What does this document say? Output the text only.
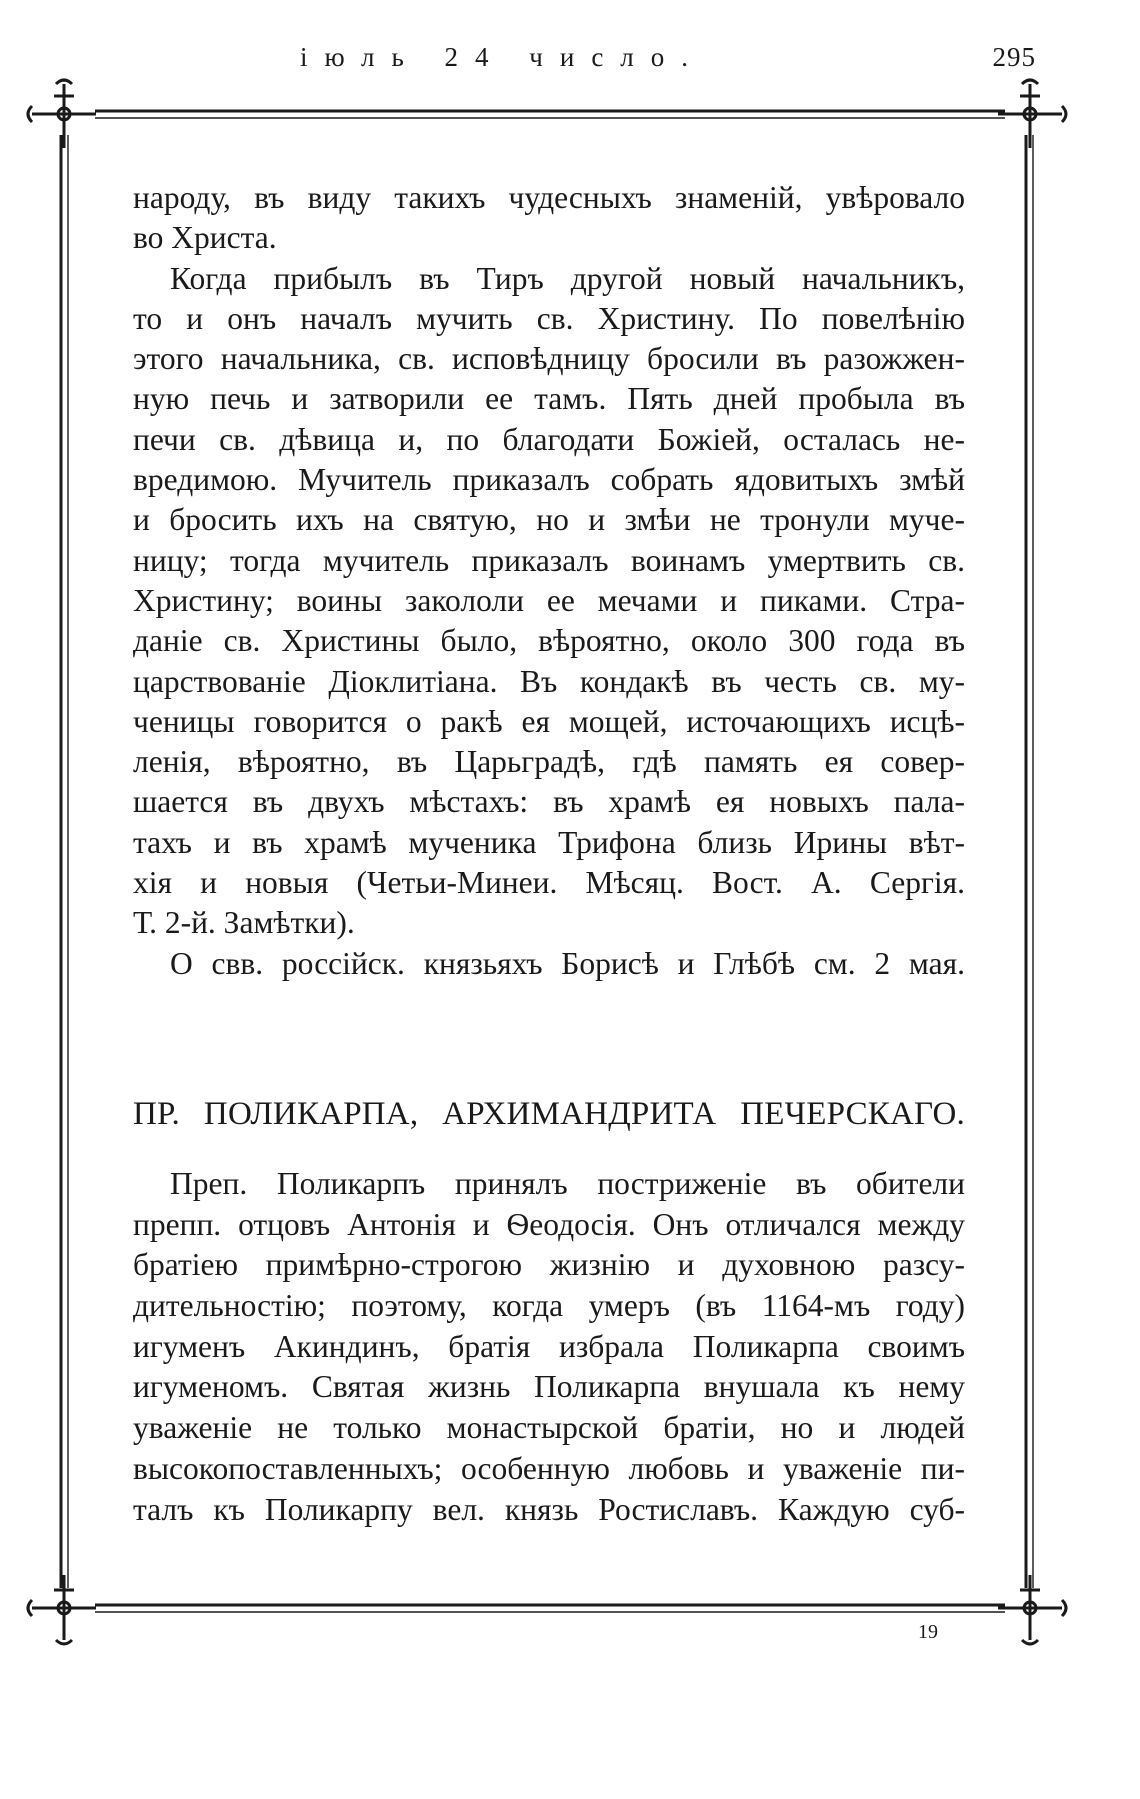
іюль 24 число.	295
народу, въ виду такихъ чудесныхъ знаменій, увѣровало
во Христа.
Когда прибылъ въ Тиръ другой новый начальникъ,
то и онъ началъ мучить св. Христину. По повелѣнію
этого начальника, св. исповѣдницу бросили въ разожжен-
ную печь и затворили ее тамъ. Пять дней пробыла въ
печи св. дѣвица и, по благодати Божіей, осталась не-
вредимою. Мучитель приказалъ собрать ядовитыхъ змѣй
и бросить ихъ на святую, но и змѣи не тронули муче-
ницу; тогда мучитель приказалъ воинамъ умертвить св.
Христину; воины закололи ее мечами и пиками. Стра-
даніе св. Христины было, вѣроятно, около 300 года въ
царствованіе Діоклитіана. Въ кондакѣ въ честь св. му-
ченицы говорится о ракѣ ея мощей, источающихъ исцѣ-
ленія, вѣроятно, въ Царьградѣ, гдѣ память ея совер-
шается въ двухъ мѣстахъ: въ храмѣ ея новыхъ пала-
тахъ и въ храмѣ мученика Трифона близь Ирины вѣт-
хія и новыя (Четьи-Минеи. Мѣсяц. Вост. А. Сергія.
Т. 2-й. Замѣтки).
О свв. россійск. князьяхъ Борисѣ и Глѣбѣ см. 2 мая.
ПР. ПОЛИКАРПА, АРХИМАНДРИТА ПЕЧЕРСКАГО.
Преп. Поликарпъ принялъ постриженіе въ обители
препп. отцовъ Антонія и Ѳеодосія. Онъ отличался между
братіею примѣрно-строгою жизнію и духовною разсу-
дительностію; поэтому, когда умеръ (въ 1164-мъ году)
игуменъ Акиндинъ, братія избрала Поликарпа своимъ
игуменомъ. Святая жизнь Поликарпа внушала къ нему
уваженіе не только монастырской братіи, но и людей
высокопоставленныхъ; особенную любовь и уваженіе пи-
талъ къ Поликарпу вел. князь Ростиславъ. Каждую суб-
19
